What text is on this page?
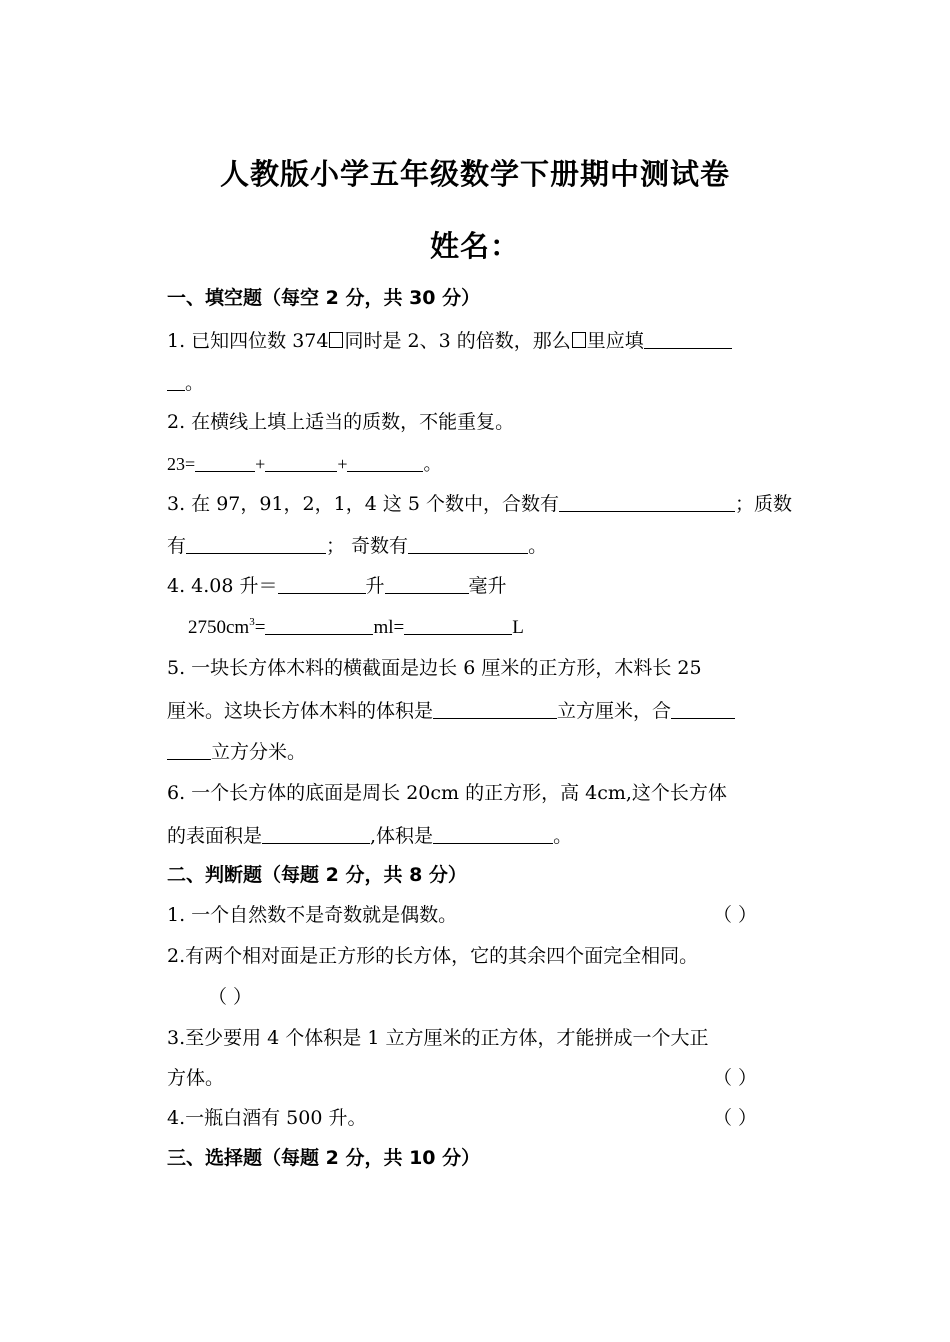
人教版小学五年级数学下册期中测试卷
姓名：
一、填空题（每空 2 分，共 30 分）
1. 已知四位数 374 同时是 2、3 的倍数，那么 里应填
。
2. 在横线上填上适当的质数，不能重复。
23=	+	+	。
3. 在 97，91，2，1，4 这 5 个数中，合数有	；质数
有	； 奇数有	。
4. 4.08 升＝	升	毫升
$2750cm^3=$	ml=	L
5. 一块长方体木料的横截面是边长 6 厘米的正方形，木料长 25
厘米。这块长方体木料的体积是	立方厘米，合
立方分米。
6. 一个长方体的底面是周长 20cm 的正方形，高 4cm,这个长方体
的表面积是	,体积是	。
二、判断题（每题 2 分，共 8 分）
1. 一个自然数不是奇数就是偶数。	（ ）
2.有两个相对面是正方形的长方体，它的其余四个面完全相同。
（ ）
3.至少要用 4 个体积是 1 立方厘米的正方体，才能拼成一个大正
方体。	（ ）
4.一瓶白酒有 500 升。	（ ）
三、选择题（每题 2 分，共 10 分）
